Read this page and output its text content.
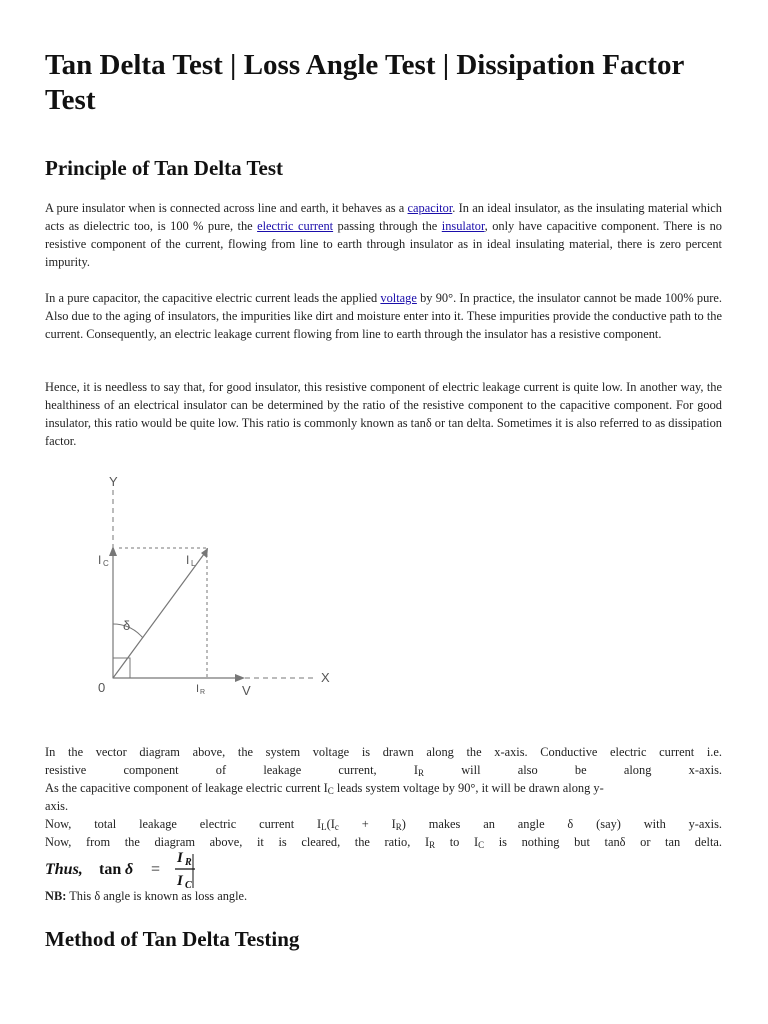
Tan Delta Test | Loss Angle Test | Dissipation Factor Test
Principle of Tan Delta Test

A pure insulator when is connected across line and earth, it behaves as a capacitor. In an ideal insulator, as the insulating material which acts as dielectric too, is 100 % pure, the electric current passing through the insulator, only have capacitive component. There is no resistive component of the current, flowing from line to earth through insulator as in ideal insulating material, there is zero percent impurity.

In a pure capacitor, the capacitive electric current leads the applied voltage by 90°. In practice, the insulator cannot be made 100% pure. Also due to the aging of insulators, the impurities like dirt and moisture enter into it. These impurities provide the conductive path to the current. Consequently, an electric leakage current flowing from line to earth through the insulator has a resistive component.

Hence, it is needless to say that, for good insulator, this resistive component of electric leakage current is quite low. In another way, the healthiness of an electrical insulator can be determined by the ratio of the resistive component to the capacitive component. For good insulator, this ratio would be quite low. This ratio is commonly known as tanδ or tan delta. Sometimes it is also referred to as dissipation factor.

In the vector diagram above, the system voltage is drawn along the x-axis. Conductive electric current i.e.

resistive component of leakage current, $I_R$ will also be along x-axis.

As the capacitive component of leakage electric current $I_C$ leads system voltage by 90°, it will be drawn along y-

axis.

Now, total leakage electric current $I_L(I_c + I_R)$ makes an angle δ (say) with y-axis.

Now, from the diagram above, it is cleared, the ratio, $I_R$ to $I_C$ is nothing but tanδ or tan delta.

Thus, tan δ =
I R
I C

NB: This δ angle is known as loss angle.

Method of Tan Delta Testing
Y
X
I C	I L
δ
0	I R	V
